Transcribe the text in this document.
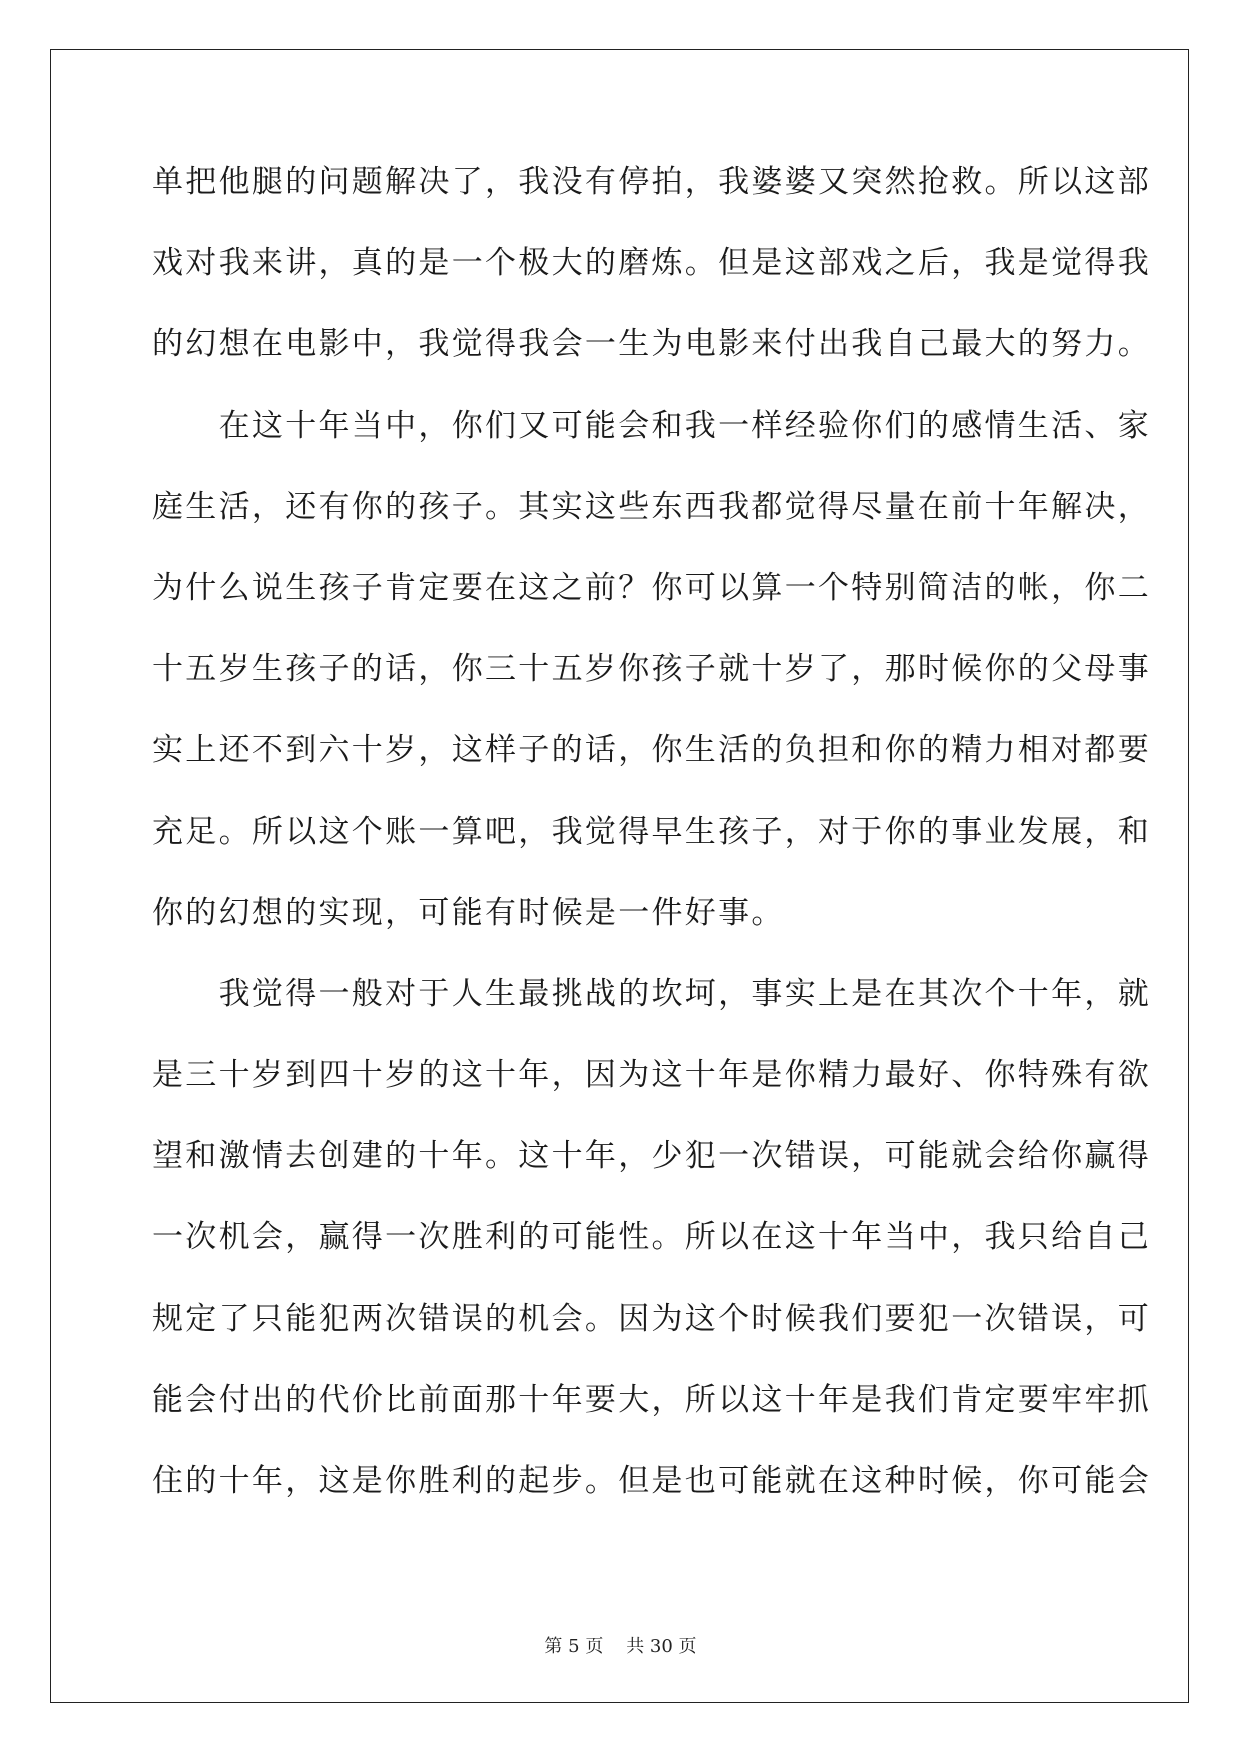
单把他腿的问题解决了，我没有停拍，我婆婆又突然抢救。所以这部
戏对我来讲，真的是一个极大的磨炼。但是这部戏之后，我是觉得我
的幻想在电影中，我觉得我会一生为电影来付出我自己最大的努力。
　　在这十年当中，你们又可能会和我一样经验你们的感情生活、家
庭生活，还有你的孩子。其实这些东西我都觉得尽量在前十年解决，
为什么说生孩子肯定要在这之前？你可以算一个特别简洁的帐，你二
十五岁生孩子的话，你三十五岁你孩子就十岁了，那时候你的父母事
实上还不到六十岁，这样子的话，你生活的负担和你的精力相对都要
充足。所以这个账一算吧，我觉得早生孩子，对于你的事业发展，和
你的幻想的实现，可能有时候是一件好事。
　　我觉得一般对于人生最挑战的坎坷，事实上是在其次个十年，就
是三十岁到四十岁的这十年，因为这十年是你精力最好、你特殊有欲
望和激情去创建的十年。这十年，少犯一次错误，可能就会给你赢得
一次机会，赢得一次胜利的可能性。所以在这十年当中，我只给自己
规定了只能犯两次错误的机会。因为这个时候我们要犯一次错误，可
能会付出的代价比前面那十年要大，所以这十年是我们肯定要牢牢抓
住的十年，这是你胜利的起步。但是也可能就在这种时候，你可能会
第 5 页    共 30 页
